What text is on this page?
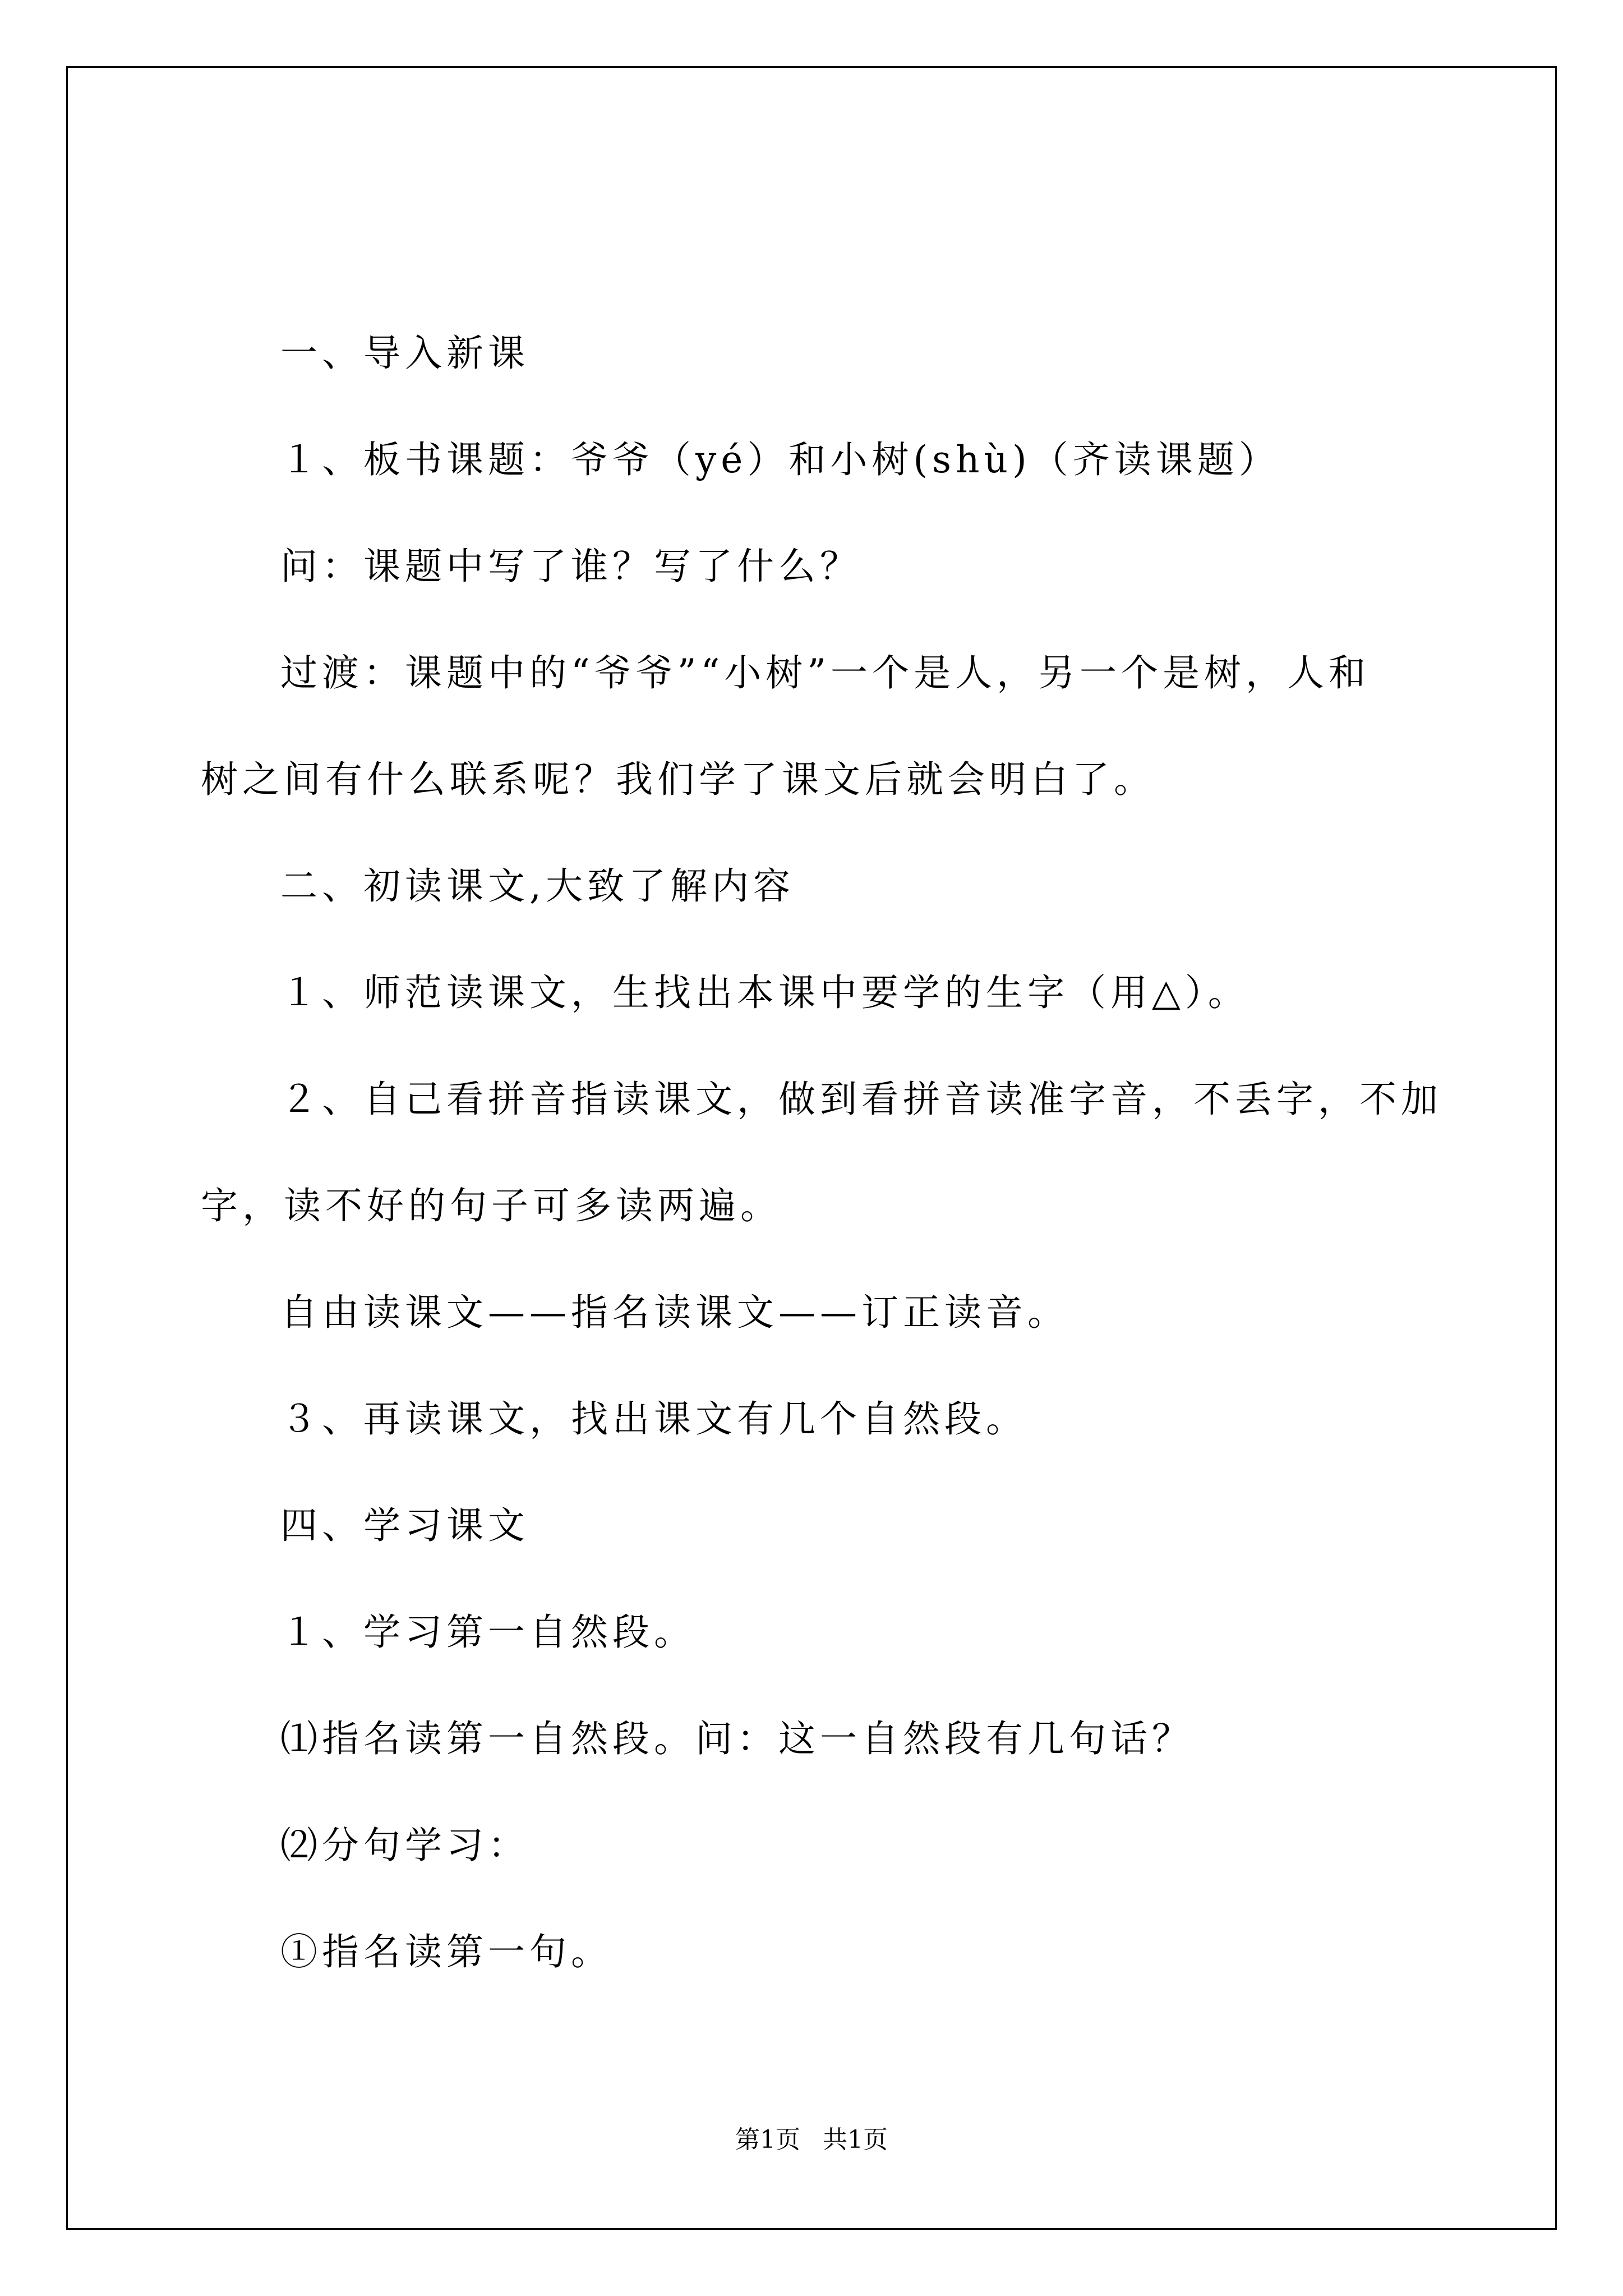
一、导入新课
１、板书课题：爷爷（yé）和小树(shù)（齐读课题）
问：课题中写了谁？写了什么？
过渡：课题中的“爷爷”“小树”一个是人，另一个是树，人和
树之间有什么联系呢？我们学了课文后就会明白了。
二、初读课文,大致了解内容
１、师范读课文，生找出本课中要学的生字（用△）。
２、自己看拼音指读课文，做到看拼音读准字音，不丢字，不加
字，读不好的句子可多读两遍。
自由读课文——指名读课文——订正读音。
３、再读课文，找出课文有几个自然段。
四、学习课文
１、学习第一自然段。
⑴指名读第一自然段。问：这一自然段有几句话？
⑵分句学习：
①指名读第一句。
第1页 共1页
